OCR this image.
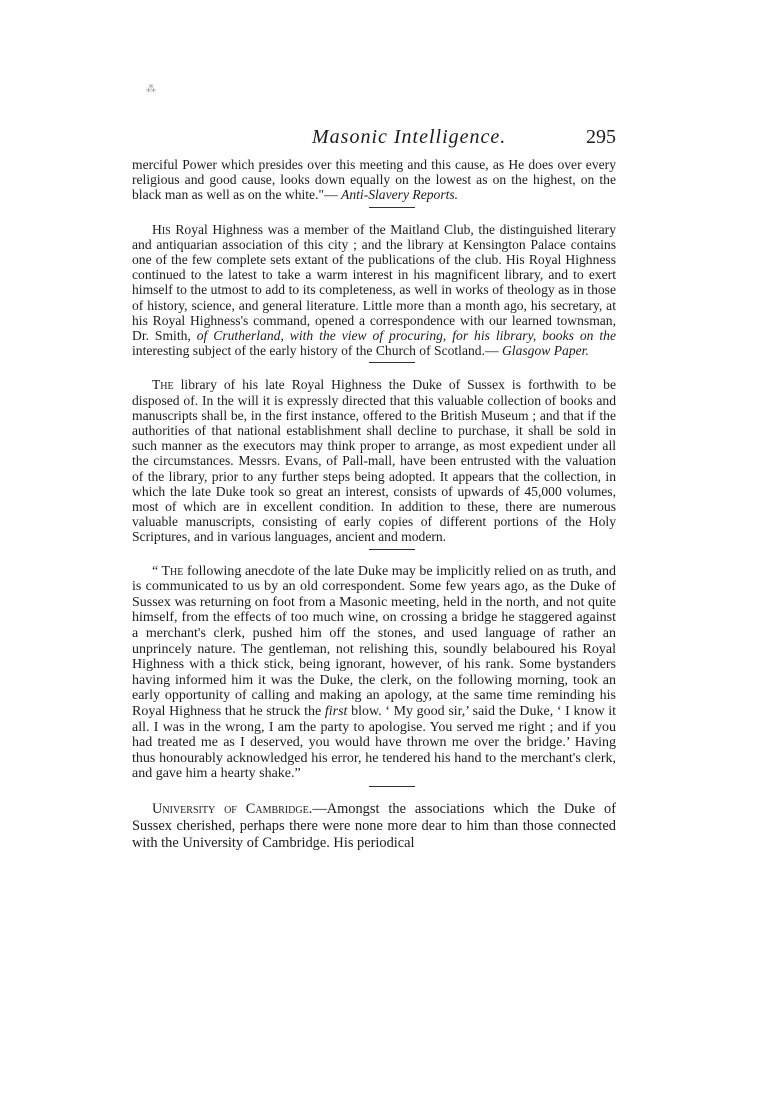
⁂
Masonic Intelligence.	295

merciful Power which presides over this meeting and this cause, as He does over every religious and good cause, looks down equally on the lowest as on the highest, on the black man as well as on the white."— Anti-Slavery Reports.

His Royal Highness was a member of the Maitland Club, the distinguished literary and antiquarian association of this city ; and the library at Kensington Palace contains one of the few complete sets extant of the publications of the club. His Royal Highness continued to the latest to take a warm interest in his magnificent library, and to exert himself to the utmost to add to its completeness, as well in works of theology as in those of history, science, and general literature. Little more than a month ago, his secretary, at his Royal Highness's command, opened a correspondence with our learned townsman, Dr. Smith, of Crutherland, with the view of procuring, for his library, books on the interesting subject of the early history of the Church of Scotland.— Glasgow Paper.

The library of his late Royal Highness the Duke of Sussex is forthwith to be disposed of. In the will it is expressly directed that this valuable collection of books and manuscripts shall be, in the first instance, offered to the British Museum ; and that if the authorities of that national establishment shall decline to purchase, it shall be sold in such manner as the executors may think proper to arrange, as most expedient under all the circumstances. Messrs. Evans, of Pall-mall, have been entrusted with the valuation of the library, prior to any further steps being adopted. It appears that the collection, in which the late Duke took so great an interest, consists of upwards of 45,000 volumes, most of which are in excellent condition. In addition to these, there are numerous valuable manuscripts, consisting of early copies of different portions of the Holy Scriptures, and in various languages, ancient and modern.

“ The following anecdote of the late Duke may be implicitly relied on as truth, and is communicated to us by an old correspondent. Some few years ago, as the Duke of Sussex was returning on foot from a Masonic meeting, held in the north, and not quite himself, from the effects of too much wine, on crossing a bridge he staggered against a merchant's clerk, pushed him off the stones, and used language of rather an unprincely nature. The gentleman, not relishing this, soundly belaboured his Royal Highness with a thick stick, being ignorant, however, of his rank. Some bystanders having informed him it was the Duke, the clerk, on the following morning, took an early opportunity of calling and making an apology, at the same time reminding his Royal Highness that he struck the first blow. ‘ My good sir,’ said the Duke, ‘ I know it all. I was in the wrong, I am the party to apologise. You served me right ; and if you had treated me as I deserved, you would have thrown me over the bridge.’ Having thus honourably acknowledged his error, he tendered his hand to the merchant's clerk, and gave him a hearty shake.”

University of Cambridge.—Amongst the associations which the Duke of Sussex cherished, perhaps there were none more dear to him than those connected with the University of Cambridge. His periodical
